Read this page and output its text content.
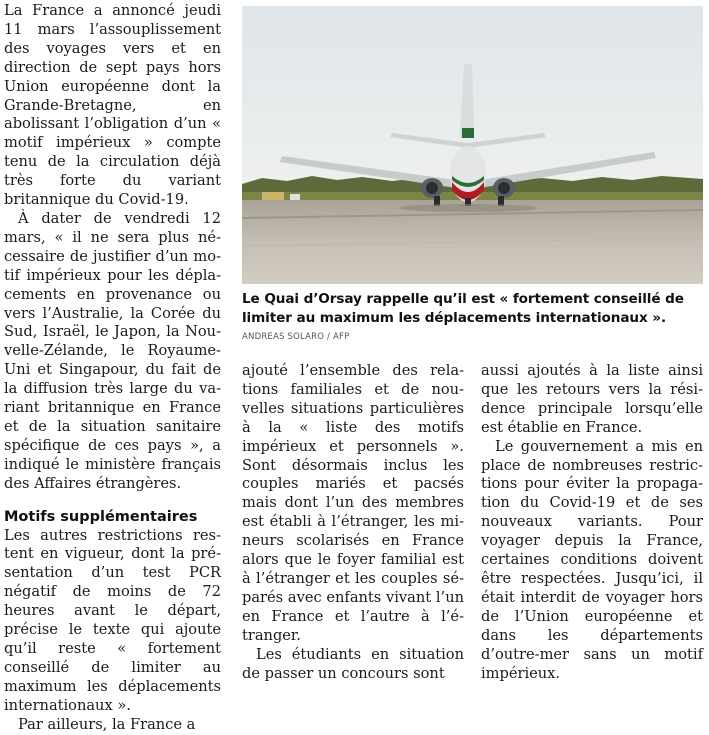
La France a annoncé jeudi 11 mars l’assouplissement des voyages vers et en direction de sept pays hors Union européenne dont la Grande-Bretagne, en abolissant l’obligation d’un « motif impérieux » compte tenu de la circulation déjà très forte du variant britannique du Covid-19.

À dater de vendredi 12 mars, « il ne sera plus nécessaire de justifier d’un motif impérieux pour les déplacements en provenance ou vers l’Australie, la Corée du Sud, Israël, le Japon, la Nouvelle-Zélande, le Royaume-Uni et Singapour, du fait de la diffusion très large du variant britannique en France et de la situation sanitaire spécifique de ces pays », a indiqué le ministère français des Affaires étrangères.

Motifs supplémentaires

Les autres restrictions restent en vigueur, dont la présentation d’un test PCR négatif de moins de 72 heures avant le départ, précise le texte qui ajoute qu’il reste « fortement conseillé de limiter au maximum les déplacements internationaux ».

Par ailleurs, la France a

Le Quai d’Orsay rappelle qu’il est « fortement conseillé de limiter au maximum les déplacements internationaux ».
ANDREAS SOLARO / AFP

ajouté l’ensemble des relations familiales et de nouvelles situations particulières à la « liste des motifs impérieux et personnels ». Sont désormais inclus les couples mariés et pacsés mais dont l’un des membres est établi à l’étranger, les mineurs scolarisés en France alors que le foyer familial est à l’étranger et les couples séparés avec enfants vivant l’un en France et l’autre à l’étranger.

Les étudiants en situation de passer un concours sont

aussi ajoutés à la liste ainsi que les retours vers la résidence principale lorsqu’elle est établie en France.

Le gouvernement a mis en place de nombreuses restrictions pour éviter la propagation du Covid-19 et de ses nouveaux variants. Pour voyager depuis la France, certaines conditions doivent être respectées. Jusqu’ici, il était interdit de voyager hors de l’Union européenne et dans les départements d’outre-mer sans un motif impérieux.
